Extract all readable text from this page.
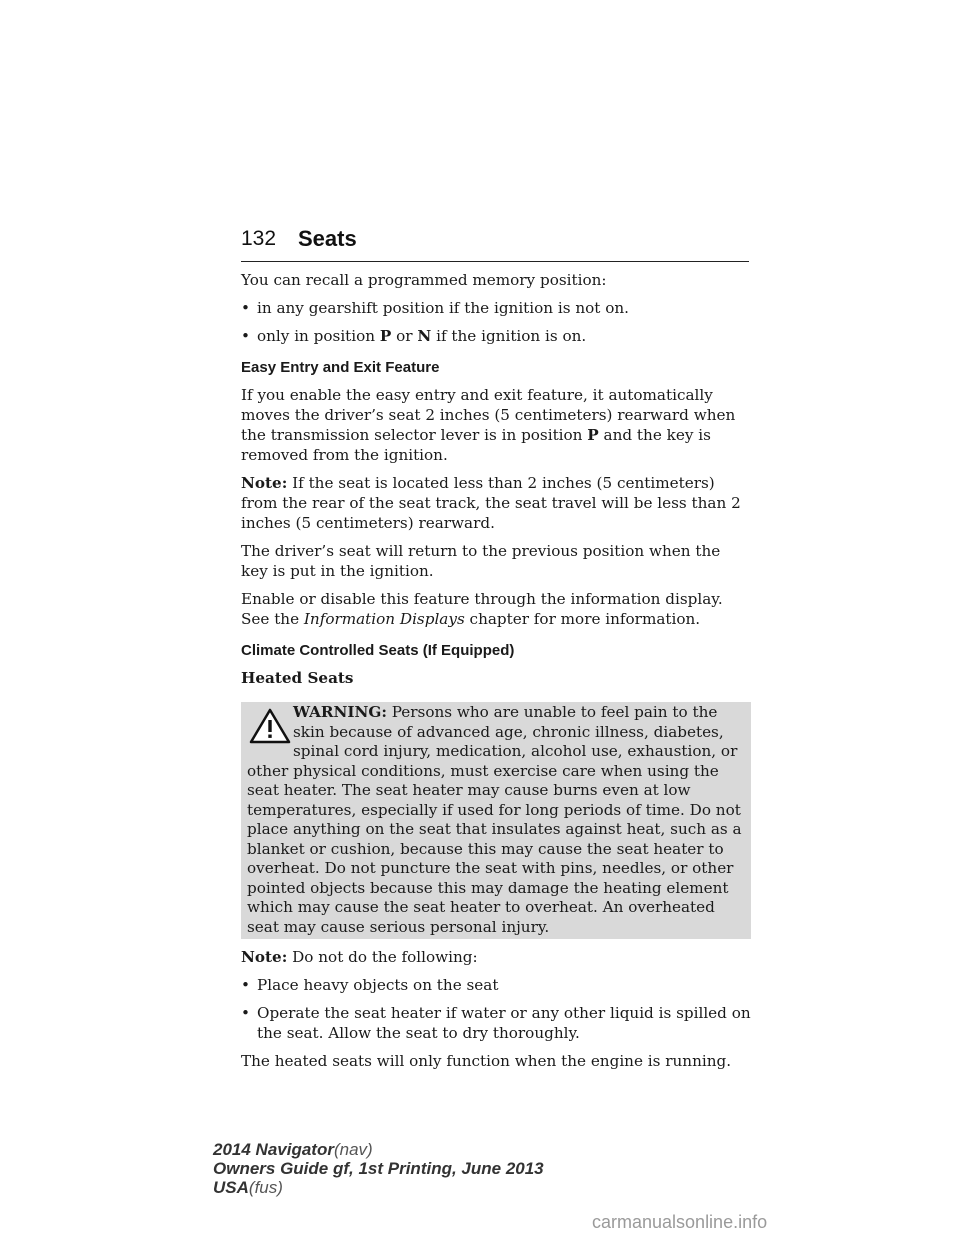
132 Seats

You can recall a programmed memory position:

• in any gearshift position if the ignition is not on.
• only in position P or N if the ignition is on.
Easy Entry and Exit Feature

If you enable the easy entry and exit feature, it automatically moves the driver’s seat 2 inches (5 centimeters) rearward when the transmission selector lever is in position P and the key is removed from the ignition.

Note: If the seat is located less than 2 inches (5 centimeters) from the rear of the seat track, the seat travel will be less than 2 inches (5 centimeters) rearward.

The driver’s seat will return to the previous position when the key is put in the ignition.

Enable or disable this feature through the information display. See the Information Displays chapter for more information.

Climate Controlled Seats (If Equipped)
Heated Seats
WARNING: Persons who are unable to feel pain to the skin because of advanced age, chronic illness, diabetes, spinal cord injury, medication, alcohol use, exhaustion, or other physical conditions, must exercise care when using the seat heater. The seat heater may cause burns even at low temperatures, especially if used for long periods of time. Do not place anything on the seat that insulates against heat, such as a blanket or cushion, because this may cause the seat heater to overheat. Do not puncture the seat with pins, needles, or other pointed objects because this may damage the heating element which may cause the seat heater to overheat. An overheated seat may cause serious personal injury.

Note: Do not do the following:

• Place heavy objects on the seat
• Operate the seat heater if water or any other liquid is spilled on the seat. Allow the seat to dry thoroughly.

The heated seats will only function when the engine is running.

2014 Navigator(nav)
Owners Guide gf, 1st Printing, June 2013
USA(fus)
carmanualsonline.info
